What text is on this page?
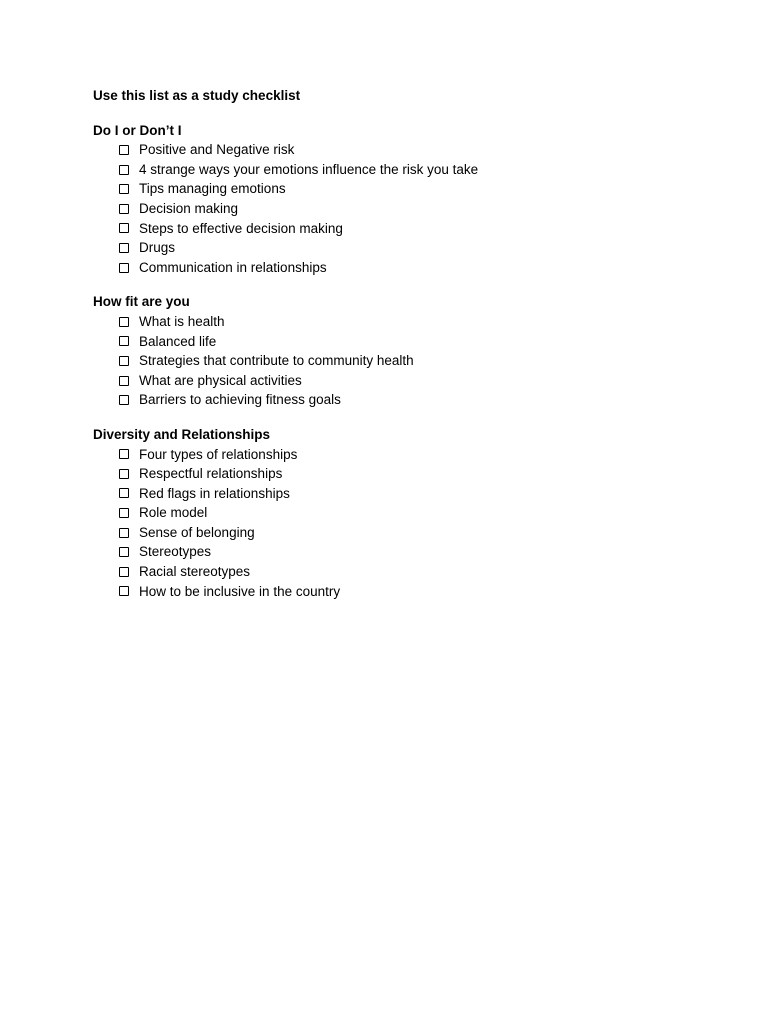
Use this list as a study checklist
Do I or Don’t I
Positive and Negative risk
4 strange ways your emotions influence the risk you take
Tips managing emotions
Decision making
Steps to effective decision making
Drugs
Communication in relationships
How fit are you
What is health
Balanced life
Strategies that contribute to community health
What are physical activities
Barriers to achieving fitness goals
Diversity and Relationships
Four types of relationships
Respectful relationships
Red flags in relationships
Role model
Sense of belonging
Stereotypes
Racial stereotypes
How to be inclusive in the country
